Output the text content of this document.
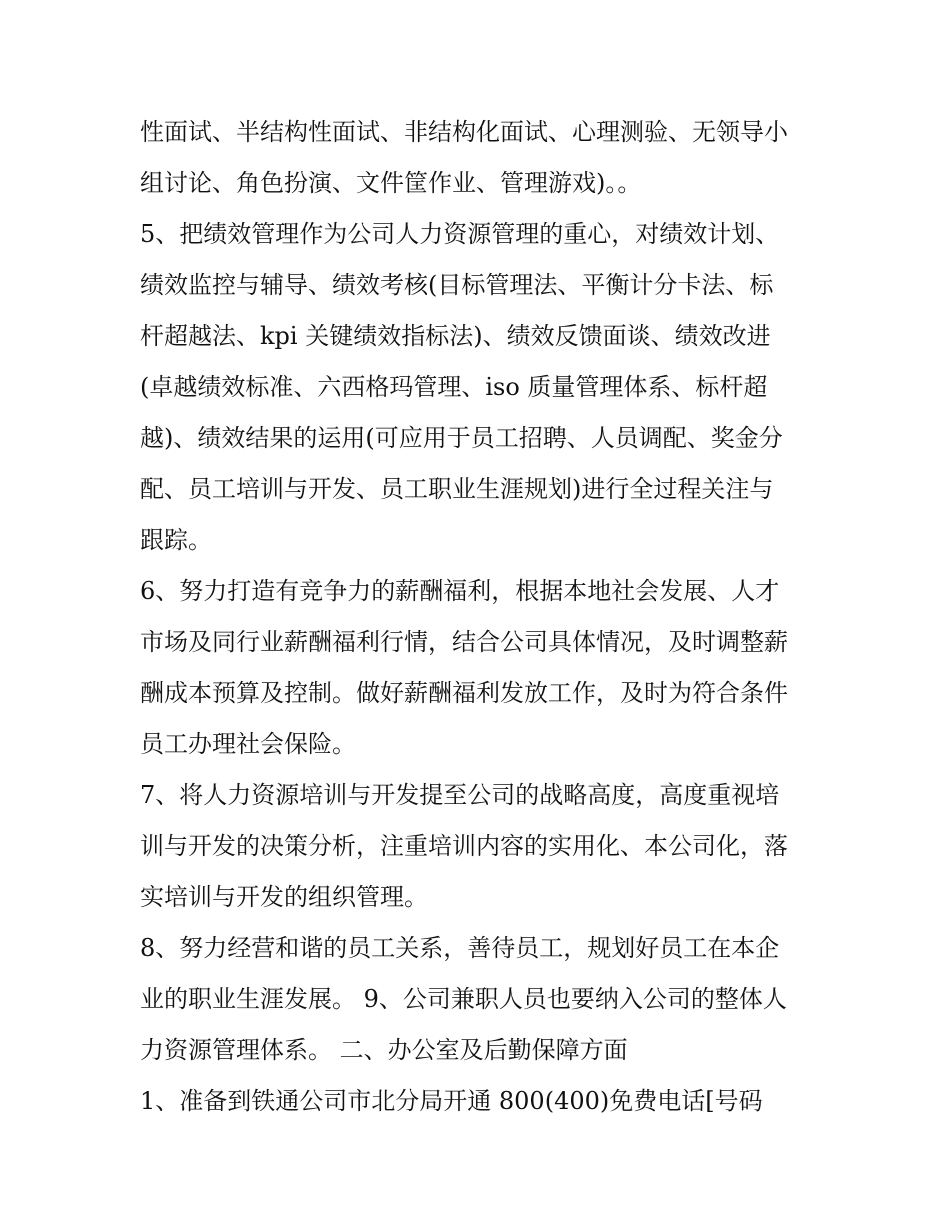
性面试、半结构性面试、非结构化面试、心理测验、无领导小
组讨论、角色扮演、文件筐作业、管理游戏)。。
5、把绩效管理作为公司人力资源管理的重心，对绩效计划、
绩效监控与辅导、绩效考核(目标管理法、平衡计分卡法、标
杆超越法、kpi 关键绩效指标法)、绩效反馈面谈、绩效改进
(卓越绩效标准、六西格玛管理、iso 质量管理体系、标杆超
越)、绩效结果的运用(可应用于员工招聘、人员调配、奖金分
配、员工培训与开发、员工职业生涯规划)进行全过程关注与
跟踪。
6、努力打造有竞争力的薪酬福利，根据本地社会发展、人才
市场及同行业薪酬福利行情，结合公司具体情况，及时调整薪
酬成本预算及控制。做好薪酬福利发放工作，及时为符合条件
员工办理社会保险。
7、将人力资源培训与开发提至公司的战略高度，高度重视培
训与开发的决策分析，注重培训内容的实用化、本公司化，落
实培训与开发的组织管理。
8、努力经营和谐的员工关系，善待员工，规划好员工在本企
业的职业生涯发展。 9、公司兼职人员也要纳入公司的整体人
力资源管理体系。 二、办公室及后勤保障方面
1、准备到铁通公司市北分局开通 800(400)免费电话[号码
